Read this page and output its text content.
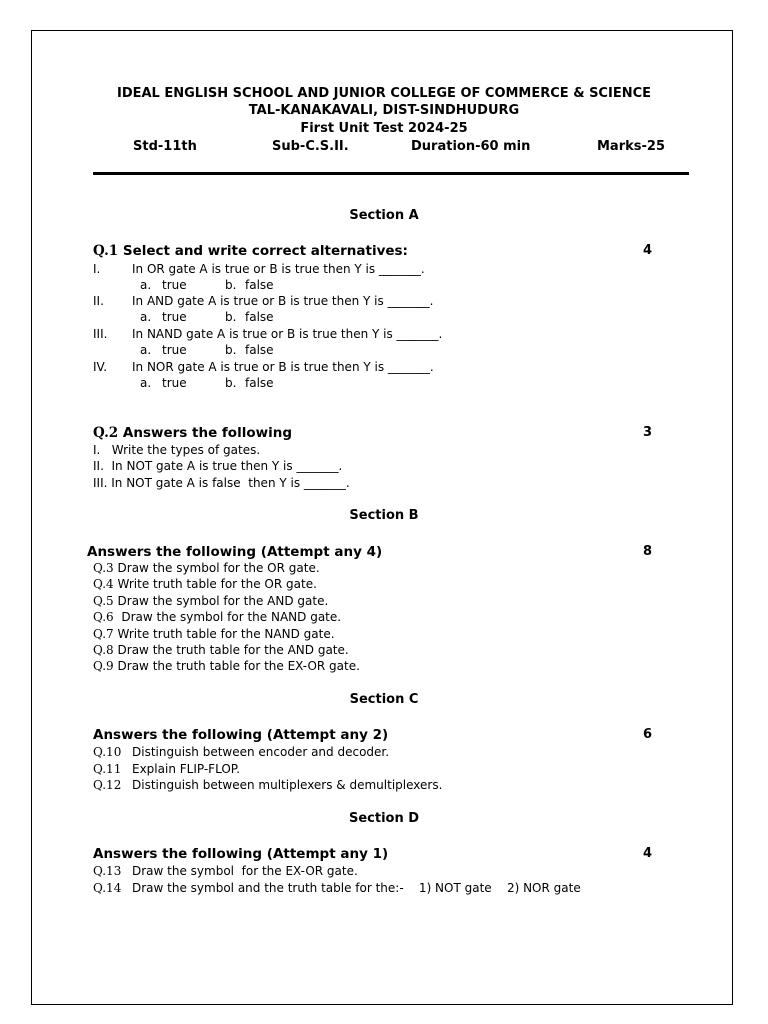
IDEAL ENGLISH SCHOOL AND JUNIOR COLLEGE OF COMMERCE & SCIENCE
TAL-KANAKAVALI, DIST-SINDHUDURG
First Unit Test 2024-25
Std-11th	Sub-C.S.II.	Duration-60 min	Marks-25
Section A
Q.1 Select and write correct alternatives:	4
I.	In OR gate A is true or B is true then Y is _______.
a. true	b. false
II. In AND gate A is true or B is true then Y is _______.
a. true	b. false
III. In NAND gate A is true or B is true then Y is _______.
a. true	b. false
IV. In NOR gate A is true or B is true then Y is _______.
a. true	b. false
Q.2 Answers the following	3
I.   Write the types of gates.
II.  In NOT gate A is true then Y is _______.
III. In NOT gate A is false  then Y is _______.
Section B
Answers the following (Attempt any 4)	8
Q.3 Draw the symbol for the OR gate.
Q.4 Write truth table for the OR gate.
Q.5 Draw the symbol for the AND gate.
Q.6  Draw the symbol for the NAND gate.
Q.7 Write truth table for the NAND gate.
Q.8 Draw the truth table for the AND gate.
Q.9 Draw the truth table for the EX-OR gate.
Section C
Answers the following (Attempt any 2)	6
Q.10 Distinguish between encoder and decoder.
Q.11 Explain FLIP-FLOP.
Q.12 Distinguish between multiplexers & demultiplexers.
Section D
Answers the following (Attempt any 1)	4
Q.13 Draw the symbol  for the EX-OR gate.
Q.14 Draw the symbol and the truth table for the:-    1) NOT gate    2) NOR gate
